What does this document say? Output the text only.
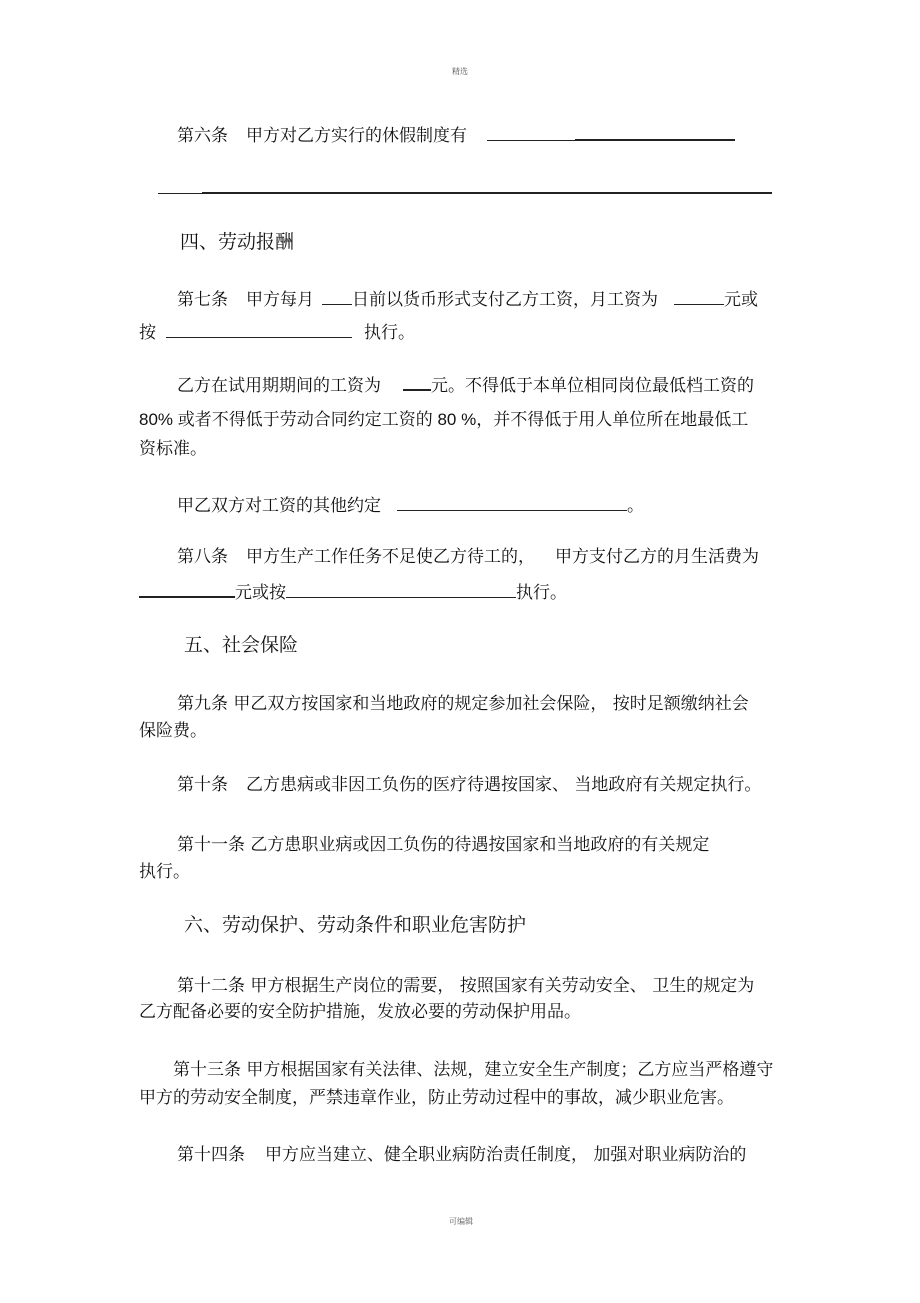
精选
第六条 甲方对乙方实行的休假制度有
四、劳动报酬
第七条 甲方每月 日前以货币形式支付乙方工资，月工资为	元或
按	执行。
乙方在试用期期间的工资为	元。不得低于本单位相同岗位最低档工资的
80% 或者不得低于劳动合同约定工资的 80 %，并不得低于用人单位所在地最低工
资标准。
甲乙双方对工资的其他约定	。
第八条 甲方生产工作任务不足使乙方待工的， 甲方支付乙方的月生活费为
元或按	执行。
五、社会保险
第九条 甲乙双方按国家和当地政府的规定参加社会保险， 按时足额缴纳社会
保险费。
第十条 乙方患病或非因工负伤的医疗待遇按国家、 当地政府有关规定执行。
第十一条 乙方患职业病或因工负伤的待遇按国家和当地政府的有关规定
执行。
六、劳动保护、劳动条件和职业危害防护
第十二条 甲方根据生产岗位的需要， 按照国家有关劳动安全、 卫生的规定为
乙方配备必要的安全防护措施，发放必要的劳动保护用品。
第十三条 甲方根据国家有关法律、法规，建立安全生产制度；乙方应当严格遵守
甲方的劳动安全制度，严禁违章作业，防止劳动过程中的事故，减少职业危害。
第十四条 甲方应当建立、健全职业病防治责任制度， 加强对职业病防治的
可编辑
